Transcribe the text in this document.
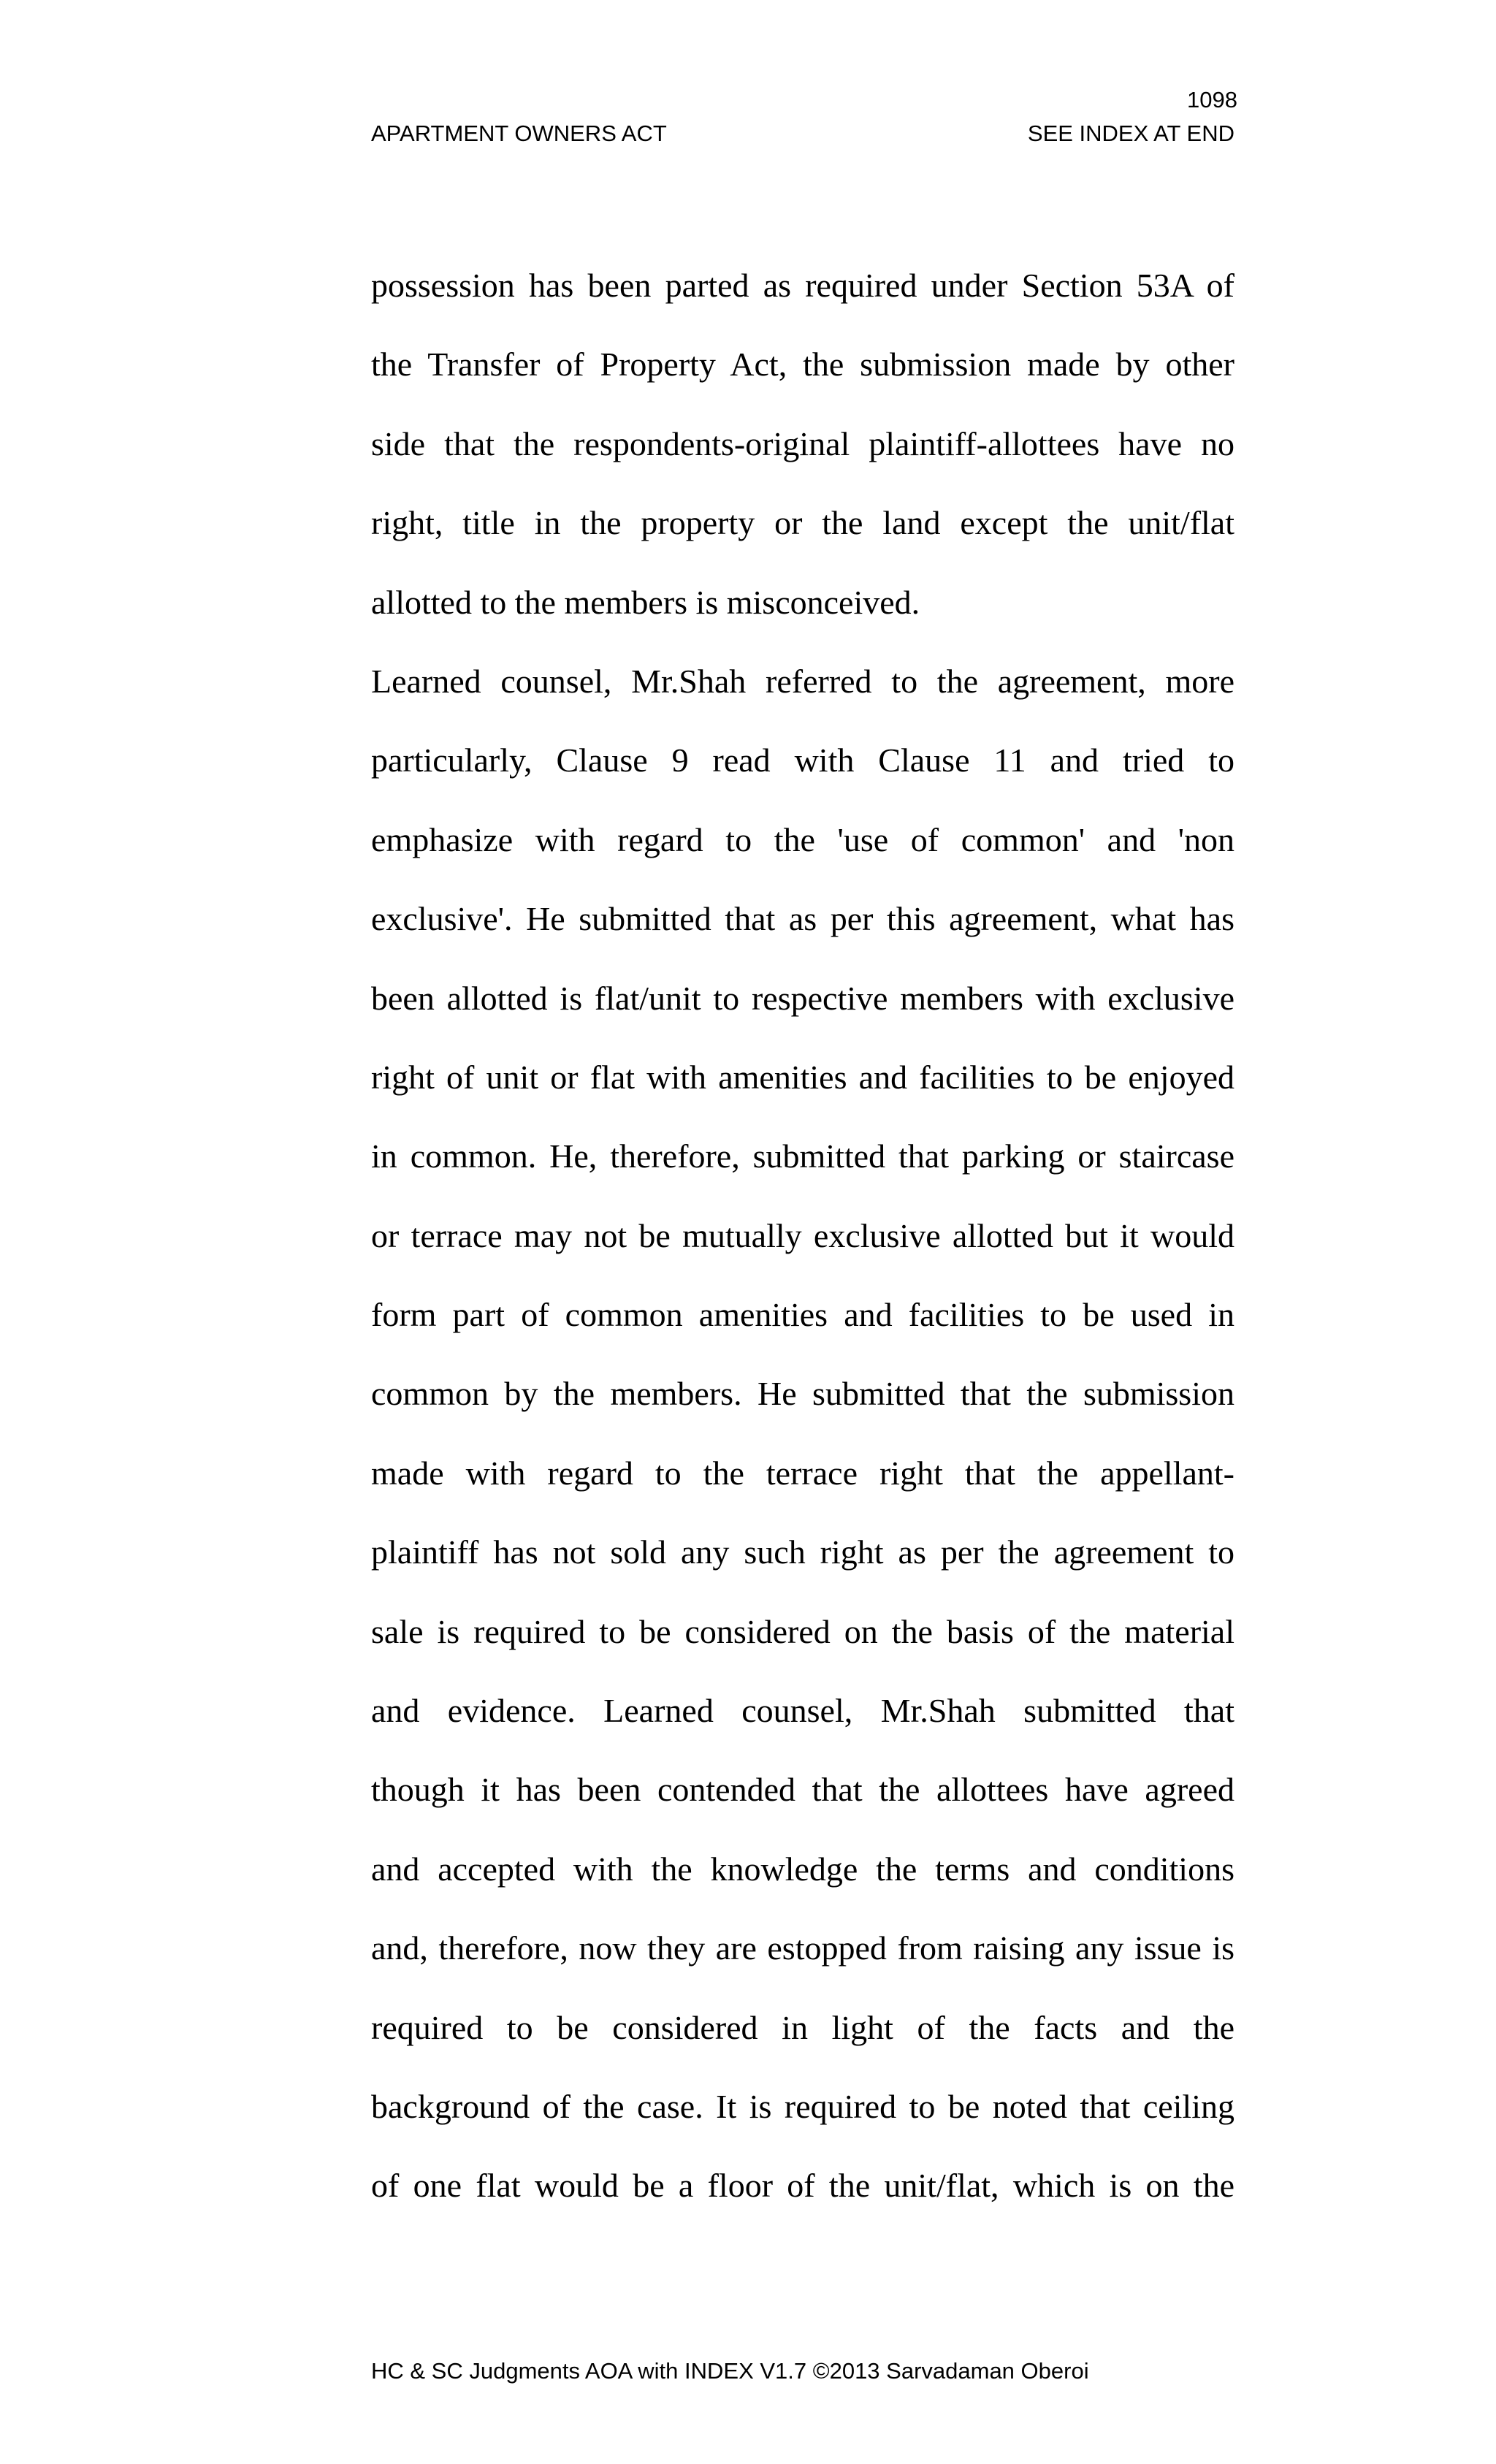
1098
APARTMENT OWNERS ACT	SEE INDEX AT END
possession has been parted as required under Section 53A of
the Transfer of Property Act, the submission made by other
side that the respondents-original plaintiff-allottees have no
right, title in the property or the land except the unit/flat
allotted to the members is misconceived.
Learned counsel, Mr.Shah referred to the agreement, more
particularly, Clause 9 read with Clause 11 and tried to
emphasize with regard to the 'use of common' and 'non
exclusive'. He submitted that as per this agreement, what has
been allotted is flat/unit to respective members with exclusive
right of unit or flat with amenities and facilities to be enjoyed
in common. He, therefore, submitted that parking or staircase
or terrace may not be mutually exclusive allotted but it would
form part of common amenities and facilities to be used in
common by the members. He submitted that the submission
made with regard to the terrace right that the appellant-
plaintiff has not sold any such right as per the agreement to
sale is required to be considered on the basis of the material
and evidence. Learned counsel, Mr.Shah submitted that
though it has been contended that the allottees have agreed
and accepted with the knowledge the terms and conditions
and, therefore, now they are estopped from raising any issue is
required to be considered in light of the facts and the
background of the case. It is required to be noted that ceiling
of one flat would be a floor of the unit/flat, which is on the
HC & SC Judgments AOA with INDEX V1.7 ©2013 Sarvadaman Oberoi
